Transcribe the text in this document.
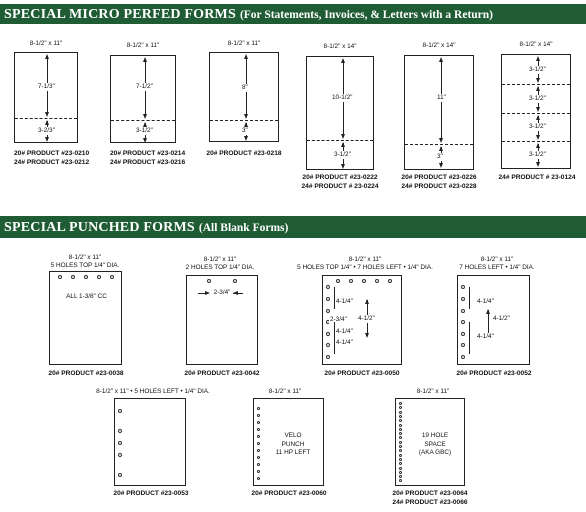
SPECIAL MICRO PERFED FORMS (For Statements, Invoices, & Letters with a Return)
SPECIAL PUNCHED FORMS (All Blank Forms)
8-1/2" x 11"
7-1/3"
3-2/3"
20# PRODUCT #23-0210
24# PRODUCT #23-0212
8-1/2" x 11"
7-1/2"
3-1/2"
20# PRODUCT #23-0214
24# PRODUCT #23-0216
8-1/2" x 11"
8"
3"
20# PRODUCT #23-0218
8-1/2" x 14"
10-1/2"
3-1/2"
20# PRODUCT #23-0222
24# PRODUCT # 23-0224
8-1/2" x 14"
11"
3"
20# PRODUCT #23-0226
24# PRODUCT #23-0228
8-1/2" x 14"
3-1/2"
3-1/2"
3-1/2"
3-1/2"
24# PRODUCT # 23-0124
8-1/2" x 11"
5 HOLES TOP 1/4" DIA.
ALL 1-3/8" CC
20# PRODUCT #23-0038
8-1/2" x 11"
2 HOLES TOP 1/4" DIA.
2-3/4"
20# PRODUCT #23-0042
8-1/2" x 11"
5 HOLES TOP 1/4" • 7 HOLES LEFT • 1/4" DIA.
4-1/4"
2-3/4" 4-1/2"
4-1/4"
4-1/4"
20# PRODUCT #23-0050
8-1/2" x 11"
7 HOLES LEFT • 1/4" DIA.
4-1/4"
4-1/2"
4-1/4"
20# PRODUCT #23-0052
8-1/2" x 11" • 5 HOLES LEFT • 1/4" DIA.
20# PRODUCT #23-0053
8-1/2" x 11"
VELO
PUNCH
11 HP LEFT
20# PRODUCT #23-0060
8-1/2" x 11"
19 HOLE
SPACE
(AKA GBC)
20# PRODUCT #23-0064
24# PRODUCT #23-0066
